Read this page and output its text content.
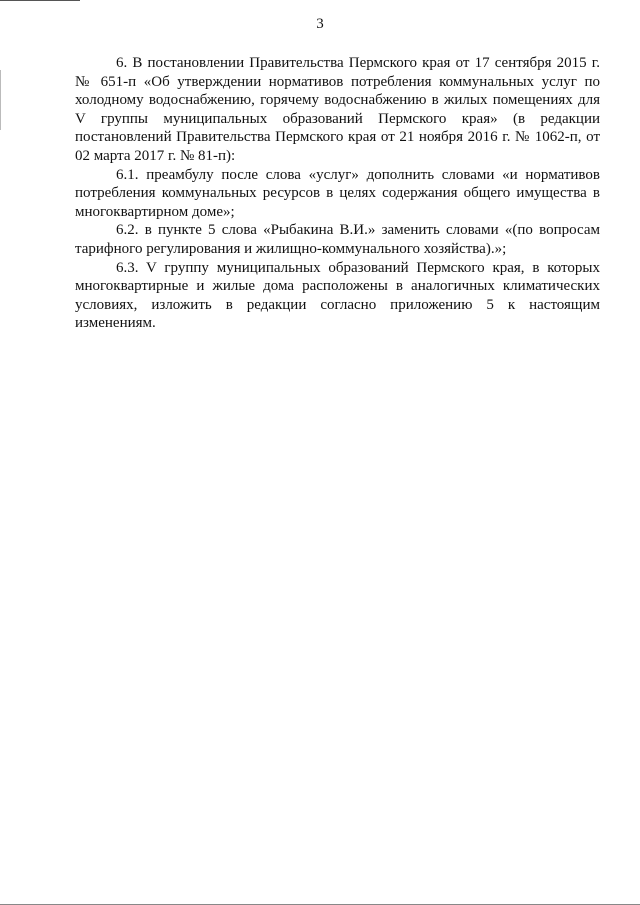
3

6. В постановлении Правительства Пермского края от 17 сентября 2015 г. № 651-п «Об утверждении нормативов потребления коммунальных услуг по холодному водоснабжению, горячему водоснабжению в жилых помещениях для V группы муниципальных образований Пермского края» (в редакции постановлений Правительства Пермского края от 21 ноября 2016 г. № 1062-п, от 02 марта 2017 г. № 81-п):

6.1. преамбулу после слова «услуг» дополнить словами «и нормативов потребления коммунальных ресурсов в целях содержания общего имущества в многоквартирном доме»;

6.2. в пункте 5 слова «Рыбакина В.И.» заменить словами «(по вопросам тарифного регулирования и жилищно-коммунального хозяйства).»;

6.3. V группу муниципальных образований Пермского края, в которых многоквартирные и жилые дома расположены в аналогичных климатических условиях, изложить в редакции согласно приложению 5 к настоящим изменениям.
